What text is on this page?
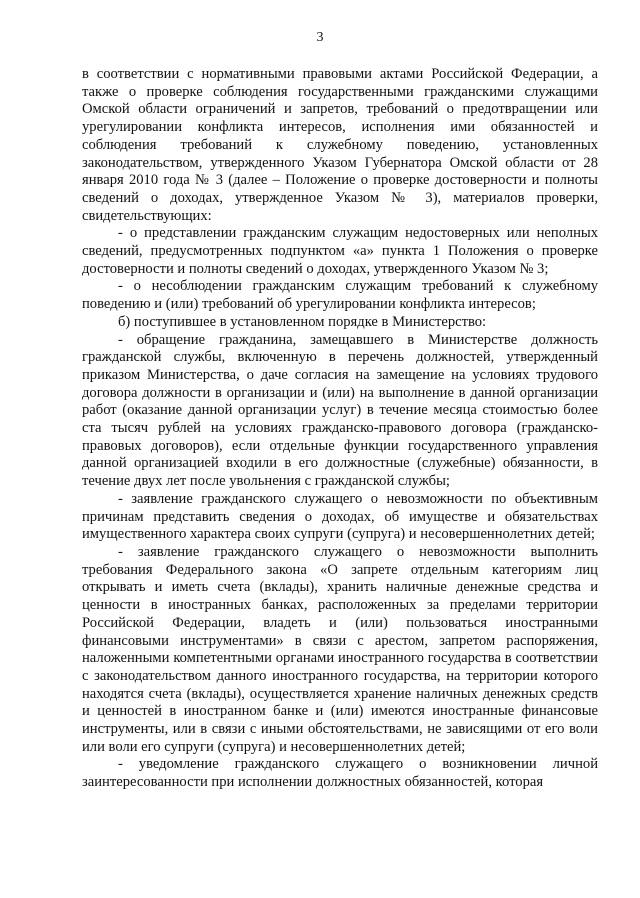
3

в соответствии с нормативными правовыми актами Российской Федерации, а также о проверке соблюдения государственными гражданскими служащими Омской области ограничений и запретов, требований о предотвращении или урегулировании конфликта интересов, исполнения ими обязанностей и соблюдения требований к служебному поведению, установленных законодательством, утвержденного Указом Губернатора Омской области от 28 января 2010 года № 3 (далее – Положение о проверке достоверности и полноты сведений о доходах, утвержденное Указом № 3), материалов проверки, свидетельствующих:

- о представлении гражданским служащим недостоверных или неполных сведений, предусмотренных подпунктом «а» пункта 1 Положения о проверке достоверности и полноты сведений о доходах, утвержденного Указом № 3;

- о несоблюдении гражданским служащим требований к служебному поведению и (или) требований об урегулировании конфликта интересов;

б) поступившее в установленном порядке в Министерство:

- обращение гражданина, замещавшего в Министерстве должность гражданской службы, включенную в перечень должностей, утвержденный приказом Министерства, о даче согласия на замещение на условиях трудового договора должности в организации и (или) на выполнение в данной организации работ (оказание данной организации услуг) в течение месяца стоимостью более ста тысяч рублей на условиях гражданско-правового договора (гражданско-правовых договоров), если отдельные функции государственного управления данной организацией входили в его должностные (служебные) обязанности, в течение двух лет после увольнения с гражданской службы;

- заявление гражданского служащего о невозможности по объективным причинам представить сведения о доходах, об имуществе и обязательствах имущественного характера своих супруги (супруга) и несовершеннолетних детей;

- заявление гражданского служащего о невозможности выполнить требования Федерального закона «О запрете отдельным категориям лиц открывать и иметь счета (вклады), хранить наличные денежные средства и ценности в иностранных банках, расположенных за пределами территории Российской Федерации, владеть и (или) пользоваться иностранными финансовыми инструментами» в связи с арестом, запретом распоряжения, наложенными компетентными органами иностранного государства в соответствии с законодательством данного иностранного государства, на территории которого находятся счета (вклады), осуществляется хранение наличных денежных средств и ценностей в иностранном банке и (или) имеются иностранные финансовые инструменты, или в связи с иными обстоятельствами, не зависящими от его воли или воли его супруги (супруга) и несовершеннолетних детей;

- уведомление гражданского служащего о возникновении личной заинтересованности при исполнении должностных обязанностей, которая
